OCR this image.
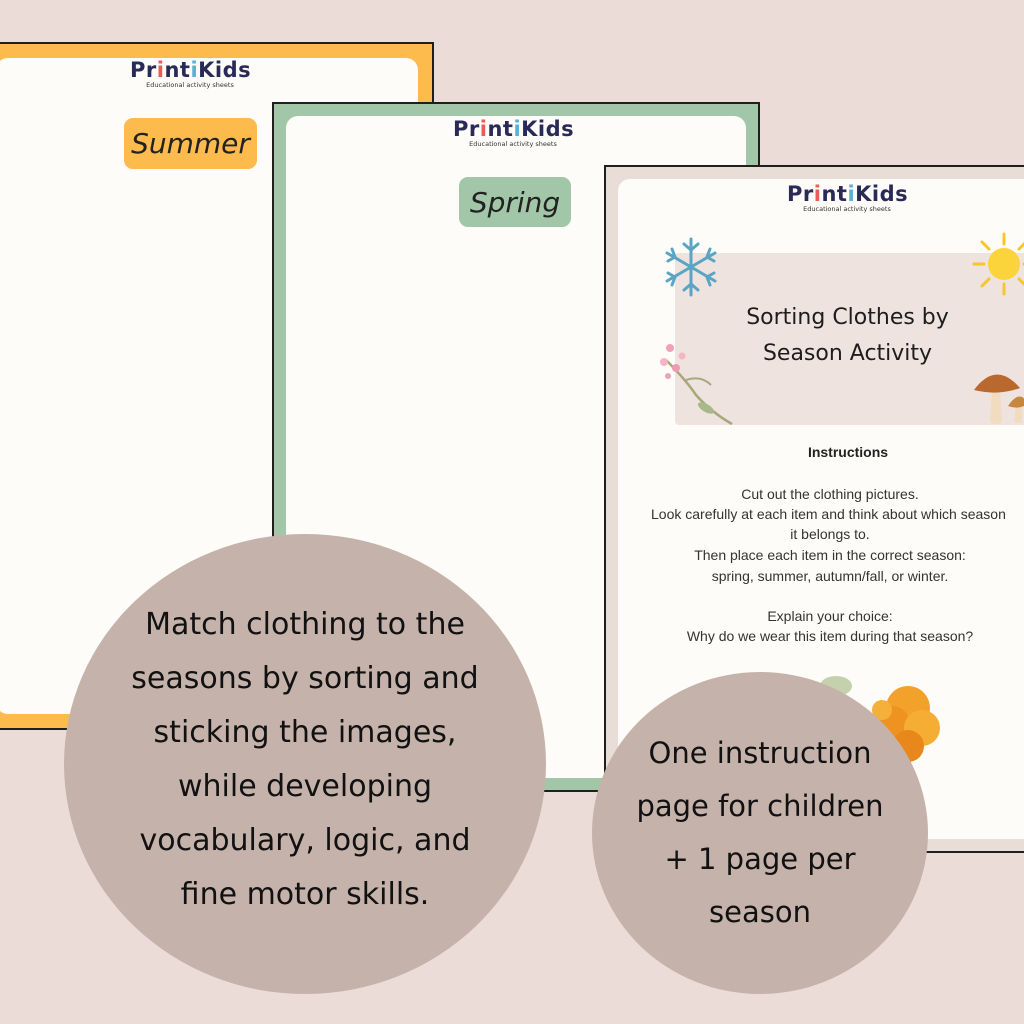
PrintiKids
Educational activity sheets
Summer	PrintiKids
Educational activity sheets
Spring	PrintiKids
Educational activity sheets
Sorting Clothes by
Season Activity
Instructions
Cut out the clothing pictures.
Look carefully at each item and think about which season
it belongs to.
Then place each item in the correct season:
spring, summer, autumn/fall, or winter.
Explain your choice:
Why do we wear this item during that season?
Match clothing to the
seasons by sorting and
sticking the images,
while developing
vocabulary, logic, and
fine motor skills.
One instruction
page for children
+ 1 page per
season
